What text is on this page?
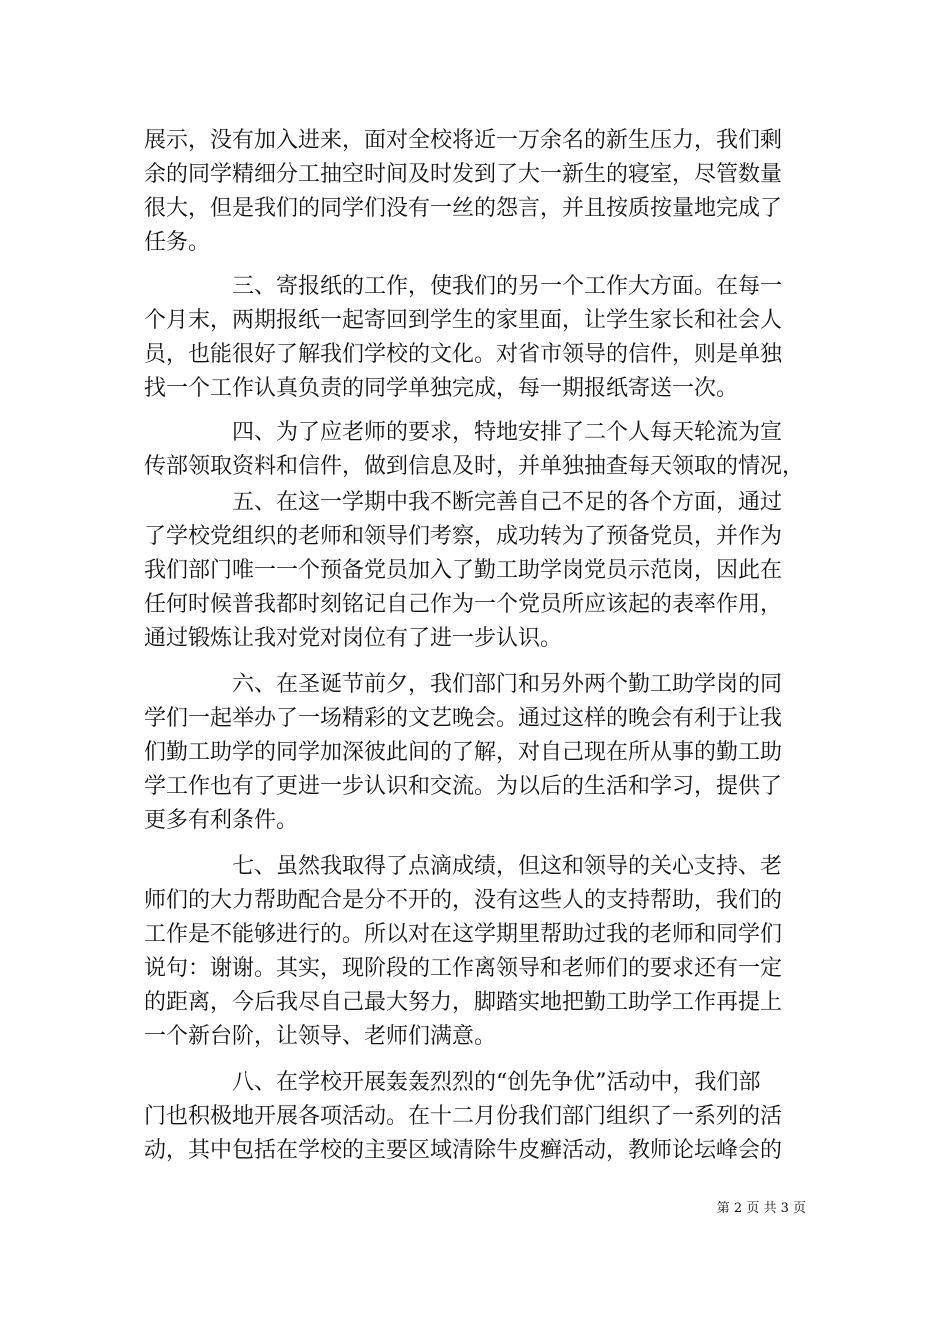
展示，没有加入进来，面对全校将近一万余名的新生压力，我们剩
余的同学精细分工抽空时间及时发到了大一新生的寝室，尽管数量
很大，但是我们的同学们没有一丝的怨言，并且按质按量地完成了
任务。
　　　　三、寄报纸的工作，使我们的另一个工作大方面。在每一
个月末，两期报纸一起寄回到学生的家里面，让学生家长和社会人
员，也能很好了解我们学校的文化。对省市领导的信件，则是单独
找一个工作认真负责的同学单独完成，每一期报纸寄送一次。
　　　　四、为了应老师的要求，特地安排了二个人每天轮流为宣
传部领取资料和信件，做到信息及时，并单独抽查每天领取的情况，
　　　　五、在这一学期中我不断完善自己不足的各个方面，通过
了学校党组织的老师和领导们考察，成功转为了预备党员，并作为
我们部门唯一一个预备党员加入了勤工助学岗党员示范岗，因此在
任何时候普我都时刻铭记自己作为一个党员所应该起的表率作用，
通过锻炼让我对党对岗位有了进一步认识。
　　　　六、在圣诞节前夕，我们部门和另外两个勤工助学岗的同
学们一起举办了一场精彩的文艺晚会。通过这样的晚会有利于让我
们勤工助学的同学加深彼此间的了解，对自己现在所从事的勤工助
学工作也有了更进一步认识和交流。为以后的生活和学习，提供了
更多有利条件。
　　　　七、虽然我取得了点滴成绩，但这和领导的关心支持、老
师们的大力帮助配合是分不开的，没有这些人的支持帮助，我们的
工作是不能够进行的。所以对在这学期里帮助过我的老师和同学们
说句：谢谢。其实，现阶段的工作离领导和老师们的要求还有一定
的距离，今后我尽自己最大努力，脚踏实地把勤工助学工作再提上
一个新台阶，让领导、老师们满意。
　　　　八、在学校开展轰轰烈烈的“创先争优”活动中，我们部
门也积极地开展各项活动。在十二月份我们部门组织了一系列的活
动，其中包括在学校的主要区域清除牛皮癣活动，教师论坛峰会的
第 2 页 共 3 页
